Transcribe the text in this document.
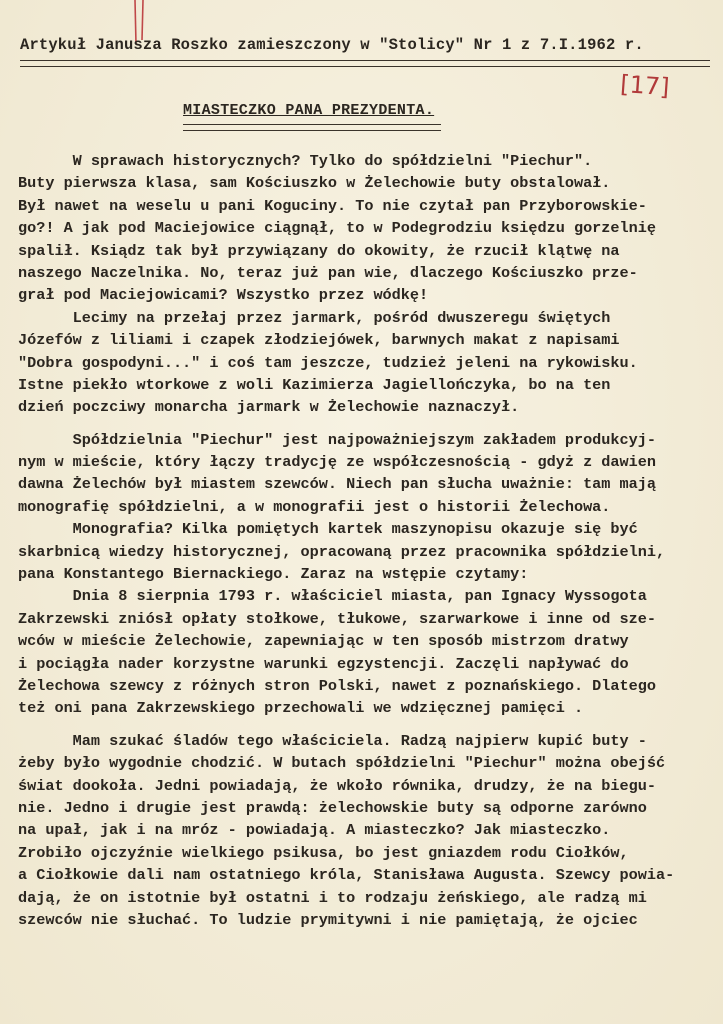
Artykuł Janusza Roszko zamieszczony w "Stolicy" Nr 1 z 7.I.1962 r.
[17]
MIASTECZKO PANA PREZYDENTA.
W sprawach historycznych? Tylko do spółdzielni "Piechur".
Buty pierwsza klasa, sam Kościuszko w Żelechowie buty obstalował.
Był nawet na weselu u pani Koguciny. To nie czytał pan Przyborowskie-
go?! A jak pod Maciejowice ciągnął, to w Podegrodziu księdzu gorzelnię
spalił. Ksiądz tak był przywiązany do okowity, że rzucił klątwę na
naszego Naczelnika. No, teraz już pan wie, dlaczego Kościuszko prze-
grał pod Maciejowicami? Wszystko przez wódkę!
Lecimy na przełaj przez jarmark, pośród dwuszeregu świętych
Józefów z liliami i czapek złodziejówek, barwnych makat z napisami
"Dobra gospodyni..." i coś tam jeszcze, tudzież jeleni na rykowisku.
Istne piekło wtorkowe z woli Kazimierza Jagiellończyka, bo na ten
dzień poczciwy monarcha jarmark w Żelechowie naznaczył.
Spółdzielnia "Piechur" jest najpoważniejszym zakładem produkcyj-
nym w mieście, który łączy tradycję ze współczesnością - gdyż z dawien
dawna Żelechów był miastem szewców. Niech pan słucha uważnie: tam mają
monografię spółdzielni, a w monografii jest o historii Żelechowa.
Monografia? Kilka pomiętych kartek maszynopisu okazuje się być
skarbnicą wiedzy historycznej, opracowaną przez pracownika spółdzielni,
pana Konstantego Biernackiego. Zaraz na wstępie czytamy:
Dnia 8 sierpnia 1793 r. właściciel miasta, pan Ignacy Wyssogota
Zakrzewski zniósł opłaty stołkowe, tłukowe, szarwarkowe i inne od sze-
wców w mieście Żelechowie, zapewniając w ten sposób mistrzom dratwy
i pociągła nader korzystne warunki egzystencji. Zaczęli napływać do
Żelechowa szewcy z różnych stron Polski, nawet z poznańskiego. Dlatego
też oni pana Zakrzewskiego przechowali we wdzięcznej pamięci .
Mam szukać śladów tego właściciela. Radzą najpierw kupić buty -
żeby było wygodnie chodzić. W butach spółdzielni "Piechur" można obejść
świat dookoła. Jedni powiadają, że wkoło równika, drudzy, że na biegu-
nie. Jedno i drugie jest prawdą: żelechowskie buty są odporne zarówno
na upał, jak i na mróz - powiadają. A miasteczko? Jak miasteczko.
Zrobiło ojczyźnie wielkiego psikusa, bo jest gniazdem rodu Ciołków,
a Ciołkowie dali nam ostatniego króla, Stanisława Augusta. Szewcy powia-
dają, że on istotnie był ostatni i to rodzaju żeńskiego, ale radzą mi
szewców nie słuchać. To ludzie prymitywni i nie pamiętają, że ojciec
